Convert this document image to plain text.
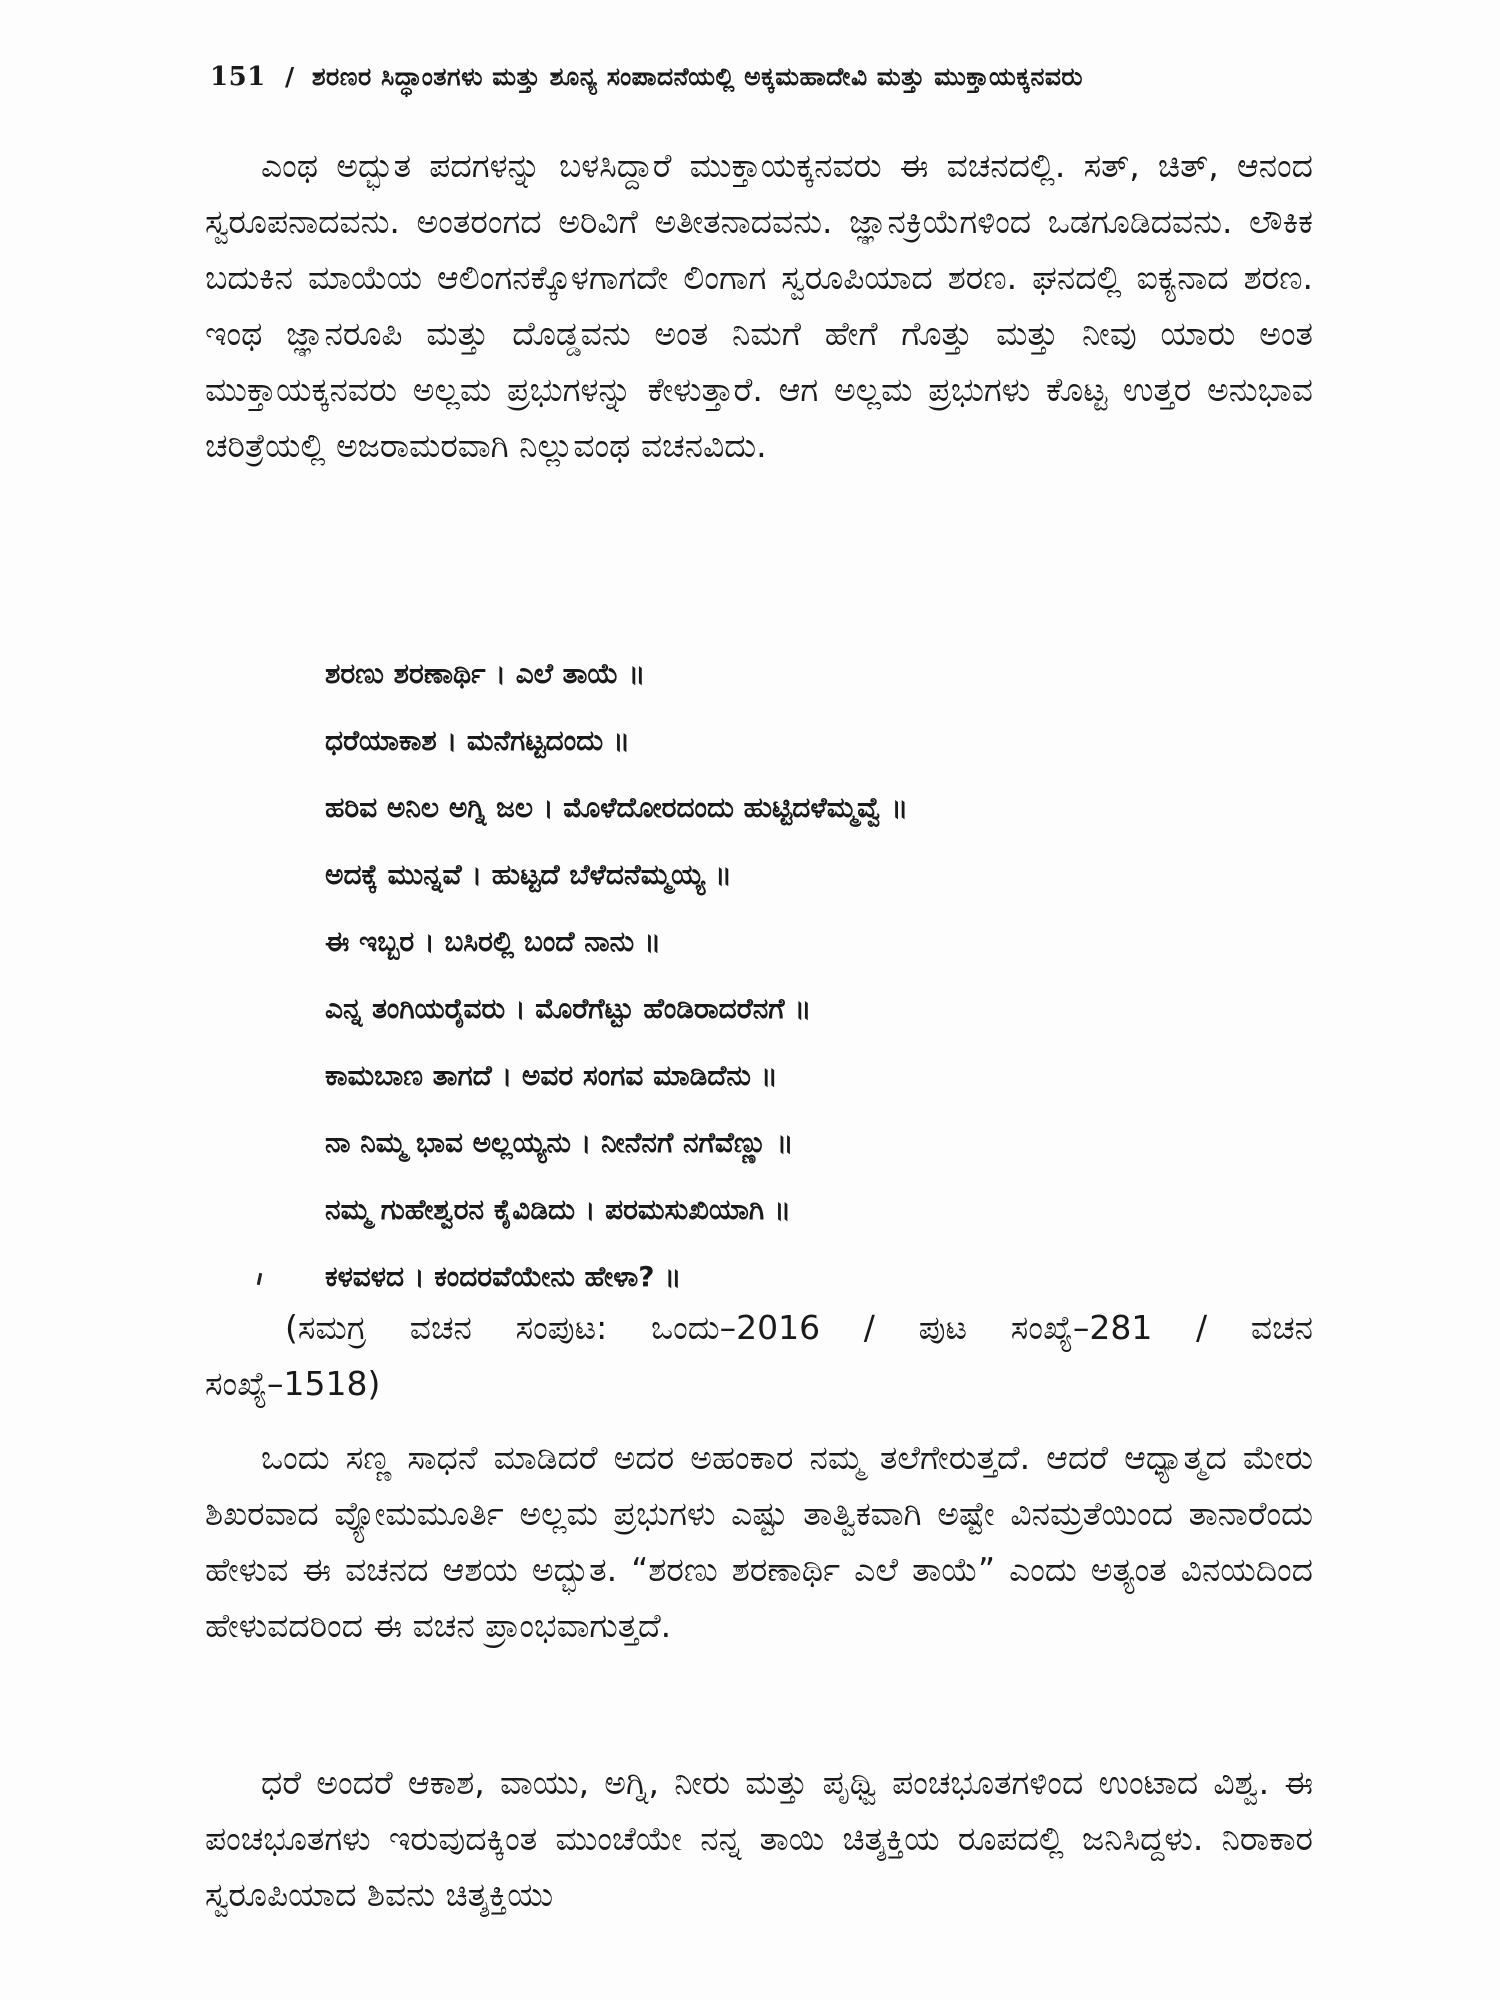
151 / ಶರಣರ ಸಿದ್ಧಾಂತಗಳು ಮತ್ತು ಶೂನ್ಯ ಸಂಪಾದನೆಯಲ್ಲಿ ಅಕ್ಕಮಹಾದೇವಿ ಮತ್ತು ಮುಕ್ತಾಯಕ್ಕನವರು
ಎಂಥ ಅದ್ಭುತ ಪದಗಳನ್ನು ಬಳಸಿದ್ದಾರೆ ಮುಕ್ತಾಯಕ್ಕನವರು ಈ ವಚನದಲ್ಲಿ. ಸತ್, ಚಿತ್, ಆನಂದ ಸ್ವರೂಪನಾದವನು. ಅಂತರಂಗದ ಅರಿವಿಗೆ ಅತೀತನಾದವನು. ಜ್ಞಾನಕ್ರಿಯೆಗಳಿಂದ ಒಡಗೂಡಿದವನು. ಲೌಕಿಕ ಬದುಕಿನ ಮಾಯೆಯ ಆಲಿಂಗನಕ್ಕೊಳಗಾಗದೇ ಲಿಂಗಾಗ ಸ್ವರೂಪಿಯಾದ ಶರಣ. ಘನದಲ್ಲಿ ಐಕ್ಯನಾದ ಶರಣ. ಇಂಥ ಜ್ಞಾನರೂಪಿ ಮತ್ತು ದೊಡ್ಡವನು ಅಂತ ನಿಮಗೆ ಹೇಗೆ ಗೊತ್ತು ಮತ್ತು ನೀವು ಯಾರು ಅಂತ ಮುಕ್ತಾಯಕ್ಕನವರು ಅಲ್ಲಮ ಪ್ರಭುಗಳನ್ನು ಕೇಳುತ್ತಾರೆ. ಆಗ ಅಲ್ಲಮ ಪ್ರಭುಗಳು ಕೊಟ್ಟ ಉತ್ತರ ಅನುಭಾವ ಚರಿತ್ರೆಯಲ್ಲಿ ಅಜರಾಮರವಾಗಿ ನಿಲ್ಲುವಂಥ ವಚನವಿದು.
ಶರಣು ಶರಣಾರ್ಥಿ । ಎಲೆ ತಾಯೆ ॥
ಧರೆಯಾಕಾಶ । ಮನೆಗಟ್ಟದಂದು ॥
ಹರಿವ ಅನಿಲ ಅಗ್ನಿ ಜಲ । ಮೊಳೆದೋರದಂದು ಹುಟ್ಟಿದಳೆಮ್ಮವ್ವೆ ॥
ಅದಕ್ಕೆ ಮುನ್ನವೆ । ಹುಟ್ಟದೆ ಬೆಳೆದನೆಮ್ಮಯ್ಯ ॥
ಈ ಇಬ್ಬರ । ಬಸಿರಲ್ಲಿ ಬಂದೆ ನಾನು ॥
ಎನ್ನ ತಂಗಿಯರೈವರು । ಮೊರೆಗೆಟ್ಟು ಹೆಂಡಿರಾದರೆನಗೆ ॥
ಕಾಮಬಾಣ ತಾಗದೆ । ಅವರ ಸಂಗವ ಮಾಡಿದೆನು ॥
ನಾ ನಿಮ್ಮ ಭಾವ ಅಲ್ಲಯ್ಯನು । ನೀನೆನಗೆ ನಗೆವೆಣ್ಣು ॥
ನಮ್ಮ ಗುಹೇಶ್ವರನ ಕೈವಿಡಿದು । ಪರಮಸುಖಿಯಾಗಿ ॥
ಕಳವಳದ । ಕಂದರವೆಯೇನು ಹೇಳಾ? ॥
(ಸಮಗ್ರ ವಚನ ಸಂಪುಟ: ಒಂದು–2016 / ಪುಟ ಸಂಖ್ಯೆ–281 / ವಚನ
ಸಂಖ್ಯೆ–1518)
ಒಂದು ಸಣ್ಣ ಸಾಧನೆ ಮಾಡಿದರೆ ಅದರ ಅಹಂಕಾರ ನಮ್ಮ ತಲೆಗೇರುತ್ತದೆ. ಆದರೆ ಆಧ್ಯಾತ್ಮದ ಮೇರು ಶಿಖರವಾದ ವ್ಯೋಮಮೂರ್ತಿ ಅಲ್ಲಮ ಪ್ರಭುಗಳು ಎಷ್ಟು ತಾತ್ವಿಕವಾಗಿ ಅಷ್ಟೇ ವಿನಮ್ರತೆಯಿಂದ ತಾನಾರೆಂದು ಹೇಳುವ ಈ ವಚನದ ಆಶಯ ಅದ್ಭುತ. “ಶರಣು ಶರಣಾರ್ಥಿ ಎಲೆ ತಾಯೆ” ಎಂದು ಅತ್ಯಂತ ವಿನಯದಿಂದ ಹೇಳುವದರಿಂದ ಈ ವಚನ ಪ್ರಾಂಭವಾಗುತ್ತದೆ.
ಧರೆ ಅಂದರೆ ಆಕಾಶ, ವಾಯು, ಅಗ್ನಿ, ನೀರು ಮತ್ತು ಪೃಥ್ವಿ ಪಂಚಭೂತಗಳಿಂದ ಉಂಟಾದ ವಿಶ್ವ. ಈ ಪಂಚಭೂತಗಳು ಇರುವುದಕ್ಕಿಂತ ಮುಂಚೆಯೇ ನನ್ನ ತಾಯಿ ಚಿತ್ಶಕ್ತಿಯ ರೂಪದಲ್ಲಿ ಜನಿಸಿದ್ದಳು. ನಿರಾಕಾರ ಸ್ವರೂಪಿಯಾದ ಶಿವನು ಚಿತ್ಶಕ್ತಿಯು
